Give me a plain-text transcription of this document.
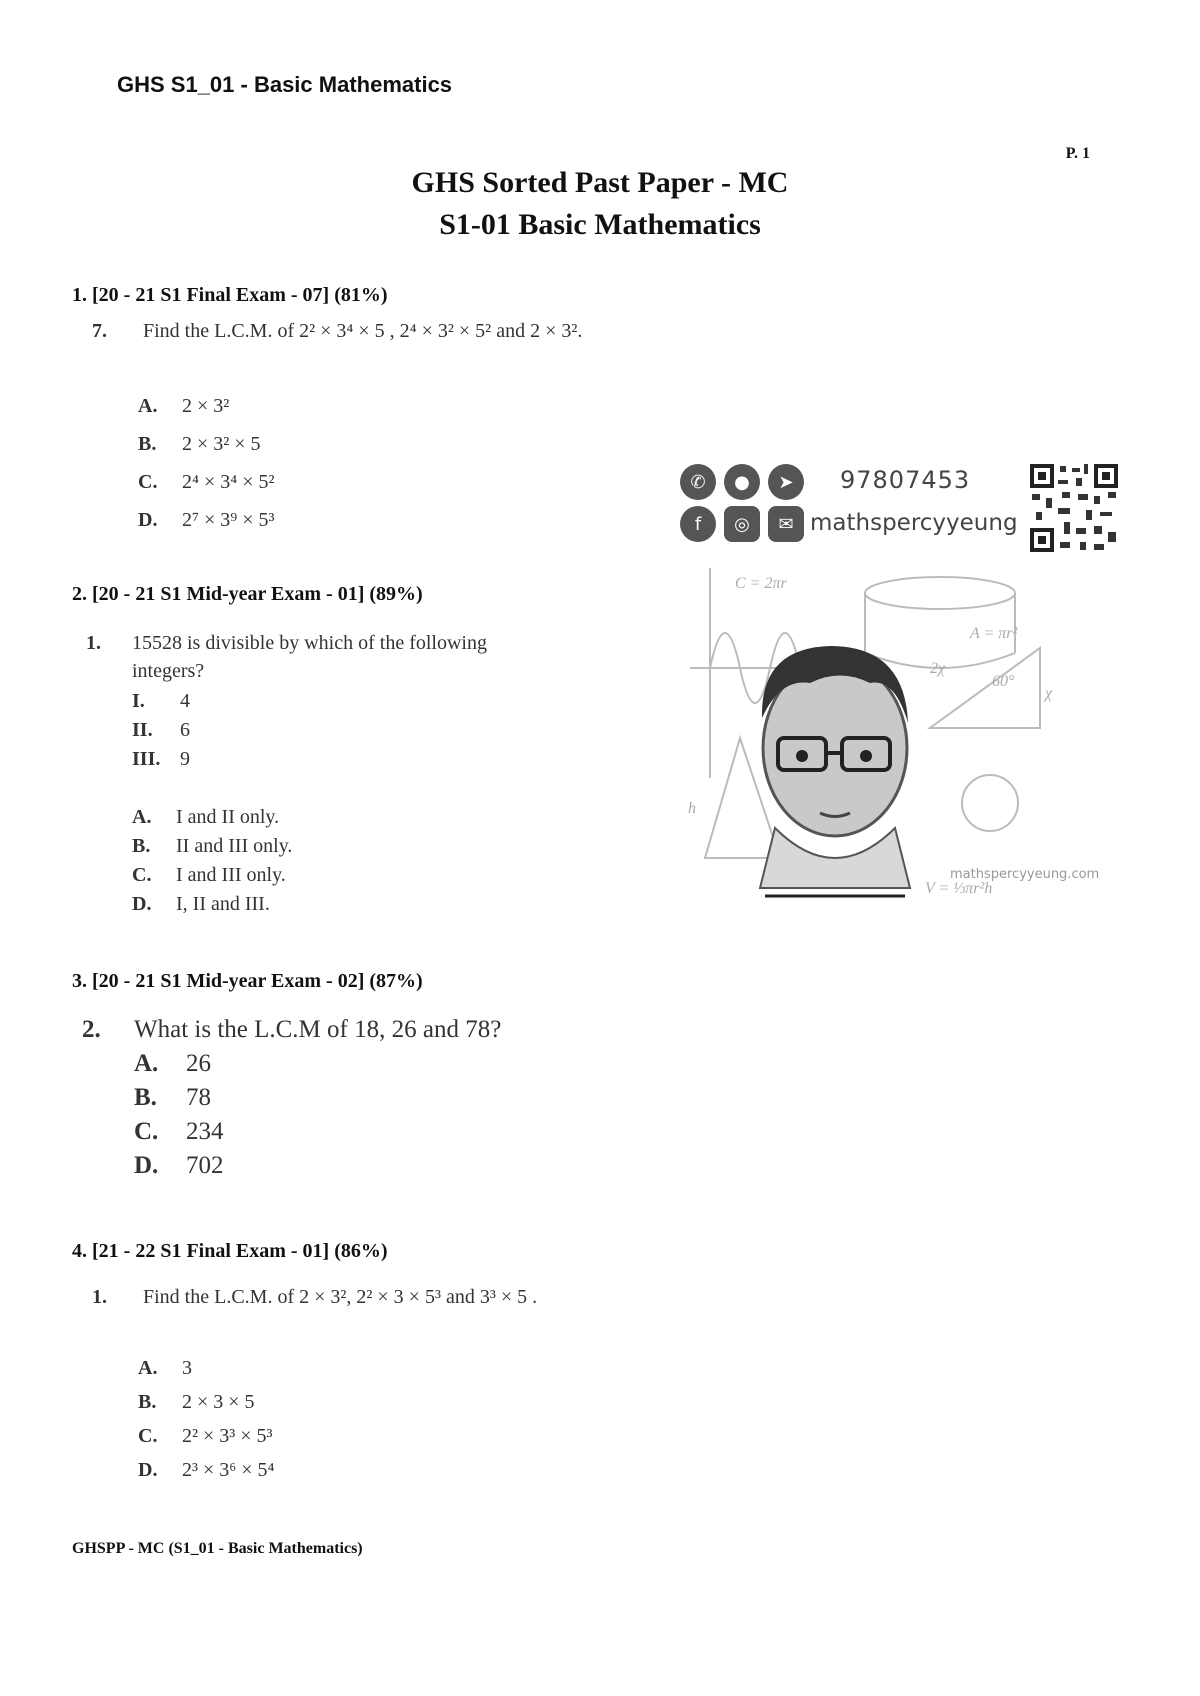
GHS S1_01 - Basic Mathematics
P. 1
GHS Sorted Past Paper - MC
S1-01 Basic Mathematics
1. [20 - 21 S1 Final Exam - 07] (81%)
7. Find the L.C.M. of 2² × 3⁴ × 5 , 2⁴ × 3² × 5² and 2 × 3².
A. 2 × 3²
B. 2 × 3² × 5
C. 2⁴ × 3⁴ × 5²
D. 2⁷ × 3⁹ × 5³
2. [20 - 21 S1 Mid-year Exam - 01] (89%)
1. 15528 is divisible by which of the following
integers?
I. 4
II. 6
III. 9
A. I and II only.
B. II and III only.
C. I and III only.
D. I, II and III.
✆	●	➤	97807453
f	◎	✉ mathspercyyeung
C = 2πr
A = πr²
60°
2χ
χ
h
V = ⅓πr²h
mathspercyyeung.com
3. [20 - 21 S1 Mid-year Exam - 02] (87%)
2. What is the L.C.M of 18, 26 and 78?
A. 26
B. 78
C. 234
D. 702
4. [21 - 22 S1 Final Exam - 01] (86%)
1. Find the L.C.M. of 2 × 3², 2² × 3 × 5³ and 3³ × 5 .
A. 3
B. 2 × 3 × 5
C. 2² × 3³ × 5³
D. 2³ × 3⁶ × 5⁴
GHSPP - MC (S1_01 - Basic Mathematics)
